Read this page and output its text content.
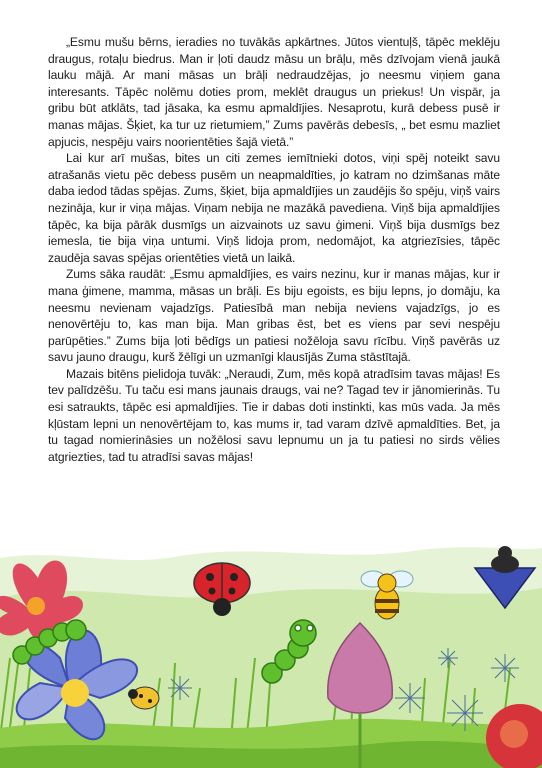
„Esmu mušu bērns, ieradies no tuvākās apkārtnes. Jūtos vientuļš, tāpēc meklēju draugus, rotaļu biedrus. Man ir ļoti daudz māsu un brāļu, mēs dzīvojam vienā jaukā lauku mājā. Ar mani māsas un brāļi nedraudzējas, jo neesmu viņiem gana interesants. Tāpēc nolēmu doties prom, meklēt draugus un priekus! Un vispār, ja gribu būt atklāts, tad jāsaka, ka esmu apmaldījies. Nesaprotu, kurā debess pusē ir manas mājas. Šķiet, ka tur uz rietumiem,” Zums pavērās debesīs, „ bet esmu mazliet apjucis, nespēju vairs noorientēties šajā vietā.”

Lai kur arī mušas, bites un citi zemes iemītnieki dotos, viņi spēj noteikt savu atrašanās vietu pēc debess pusēm un neapmaldīties, jo katram no dzimšanas māte daba iedod tādas spējas. Zums, šķiet, bija apmaldījies un zaudējis šo spēju, viņš vairs nezināja, kur ir viņa mājas. Viņam nebija ne mazākā pavediena. Viņš bija apmaldījies tāpēc, ka bija pārāk dusmīgs un aizvainots uz savu ģimeni. Viņš bija dusmīgs bez iemesla, tie bija viņa untumi. Viņš lidoja prom, nedomājot, ka atgriezīsies, tāpēc zaudēja savas spējas orientēties vietā un laikā.

Zums sāka raudāt: „Esmu apmaldījies, es vairs nezinu, kur ir manas mājas, kur ir mana ģimene, mamma, māsas un brāļi. Es biju egoists, es biju lepns, jo domāju, ka neesmu nevienam vajadzīgs. Patiesībā man nebija neviens vajadzīgs, jo es nenovērtēju to, kas man bija. Man gribas ēst, bet es viens par sevi nespēju parūpēties.” Zums bija ļoti bēdīgs un patiesi nožēloja savu rīcību. Viņš pavērās uz savu jauno draugu, kurš žēlīgi un uzmanīgi klausījās Zuma stāstītajā.

Mazais bitēns pielidoja tuvāk: „Neraudi, Zum, mēs kopā atradīsim tavas mājas! Es tev palīdzēšu. Tu taču esi mans jaunais draugs, vai ne? Tagad tev ir jānomierinās. Tu esi satraukts, tāpēc esi apmaldījies. Tie ir dabas doti instinkti, kas mūs vada. Ja mēs kļūstam lepni un nenovērtējam to, kas mums ir, tad varam dzīvē apmaldīties. Bet, ja tu tagad nomierināsies un nožēlosi savu lepnumu un ja tu patiesi no sirds vēlies atgriezties, tad tu atradīsi savas mājas!
